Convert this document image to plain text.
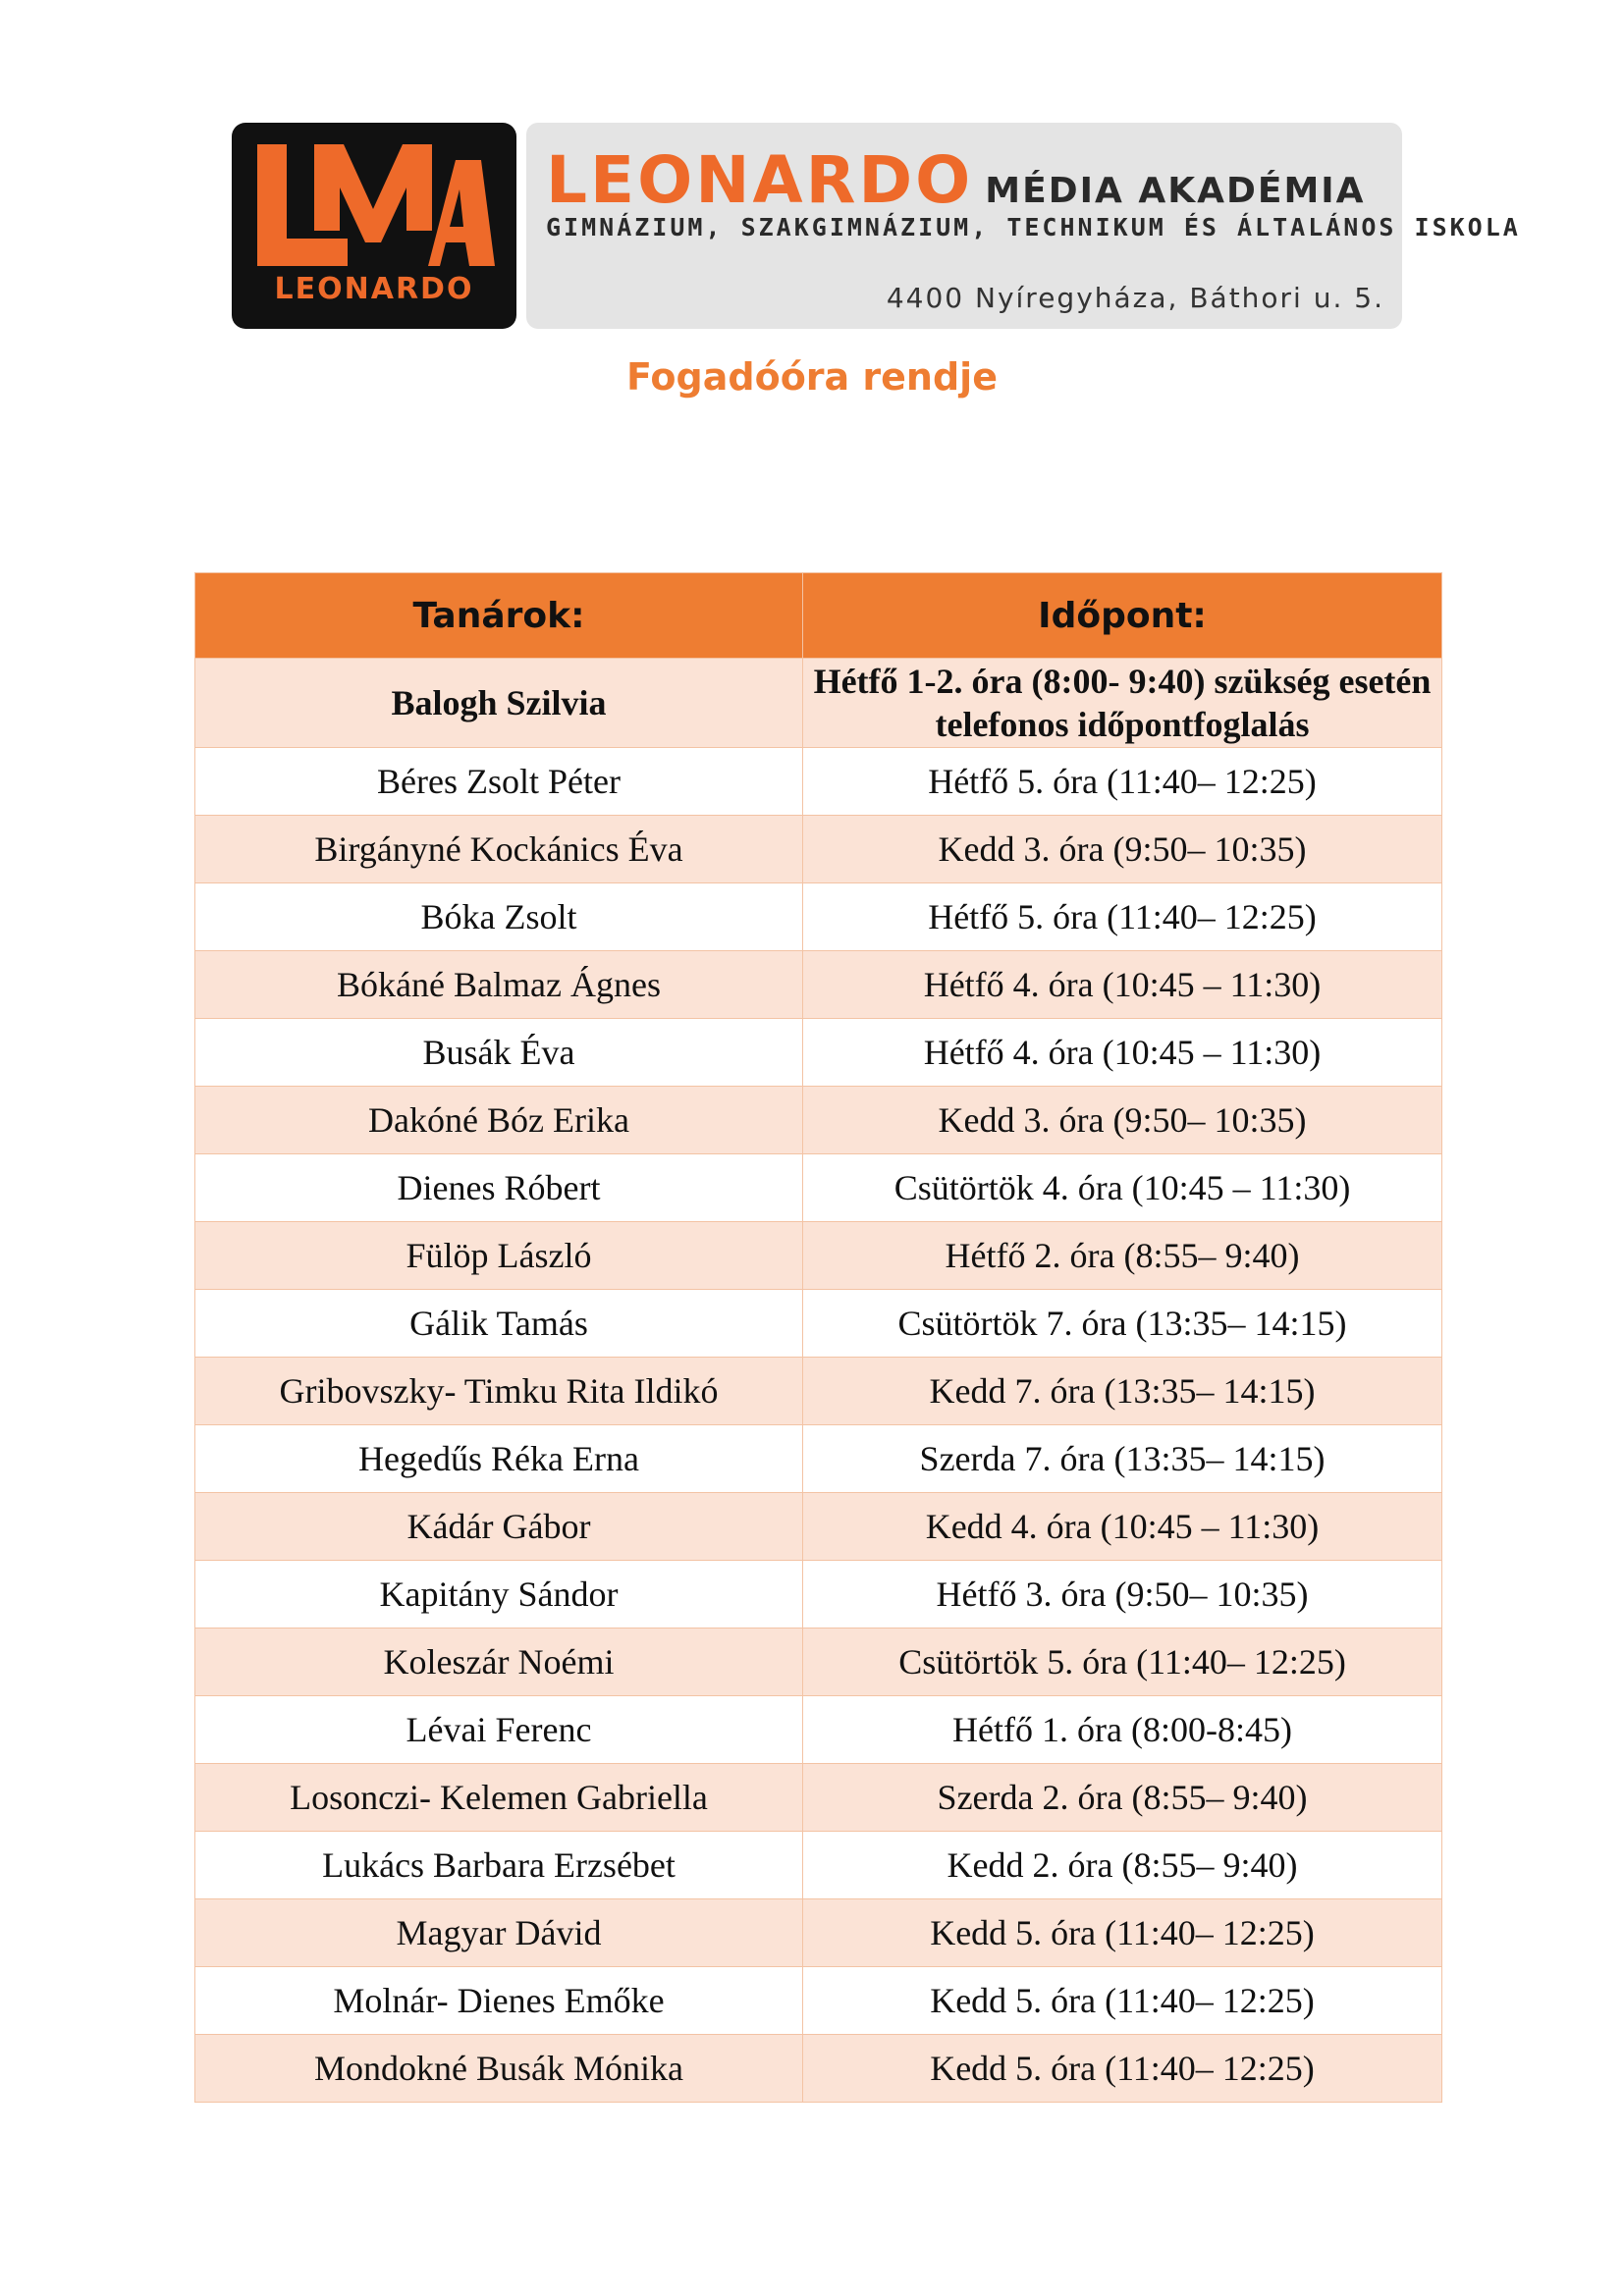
LEONARDO
LEONARDO MÉDIA AKADÉMIA
GIMNÁZIUM, SZAKGIMNÁZIUM, TECHNIKUM ÉS ÁLTALÁNOS ISKOLA
4400 Nyíregyháza, Báthori u. 5.
Fogadóóra rendje
Tanárok:	Időpont:
Balogh Szilvia	Hétfő 1-2. óra (8:00- 9:40) szükség esetén telefonos időpontfoglalás
Béres Zsolt Péter	Hétfő 5. óra (11:40– 12:25)
Birgányné Kockánics Éva	Kedd 3. óra (9:50– 10:35)
Bóka Zsolt	Hétfő 5. óra (11:40– 12:25)
Bókáné Balmaz Ágnes	Hétfő 4. óra (10:45 – 11:30)
Busák Éva	Hétfő 4. óra (10:45 – 11:30)
Dakóné Bóz Erika	Kedd 3. óra (9:50– 10:35)
Dienes Róbert	Csütörtök 4. óra (10:45 – 11:30)
Fülöp László	Hétfő 2. óra (8:55– 9:40)
Gálik Tamás	Csütörtök 7. óra (13:35– 14:15)
Gribovszky- Timku Rita Ildikó	Kedd 7. óra (13:35– 14:15)
Hegedűs Réka Erna	Szerda 7. óra (13:35– 14:15)
Kádár Gábor	Kedd 4. óra (10:45 – 11:30)
Kapitány Sándor	Hétfő 3. óra (9:50– 10:35)
Koleszár Noémi	Csütörtök 5. óra (11:40– 12:25)
Lévai Ferenc	Hétfő 1. óra (8:00-8:45)
Losonczi- Kelemen Gabriella	Szerda 2. óra (8:55– 9:40)
Lukács Barbara Erzsébet	Kedd 2. óra (8:55– 9:40)
Magyar Dávid	Kedd 5. óra (11:40– 12:25)
Molnár- Dienes Emőke	Kedd 5. óra (11:40– 12:25)
Mondokné Busák Mónika	Kedd 5. óra (11:40– 12:25)
